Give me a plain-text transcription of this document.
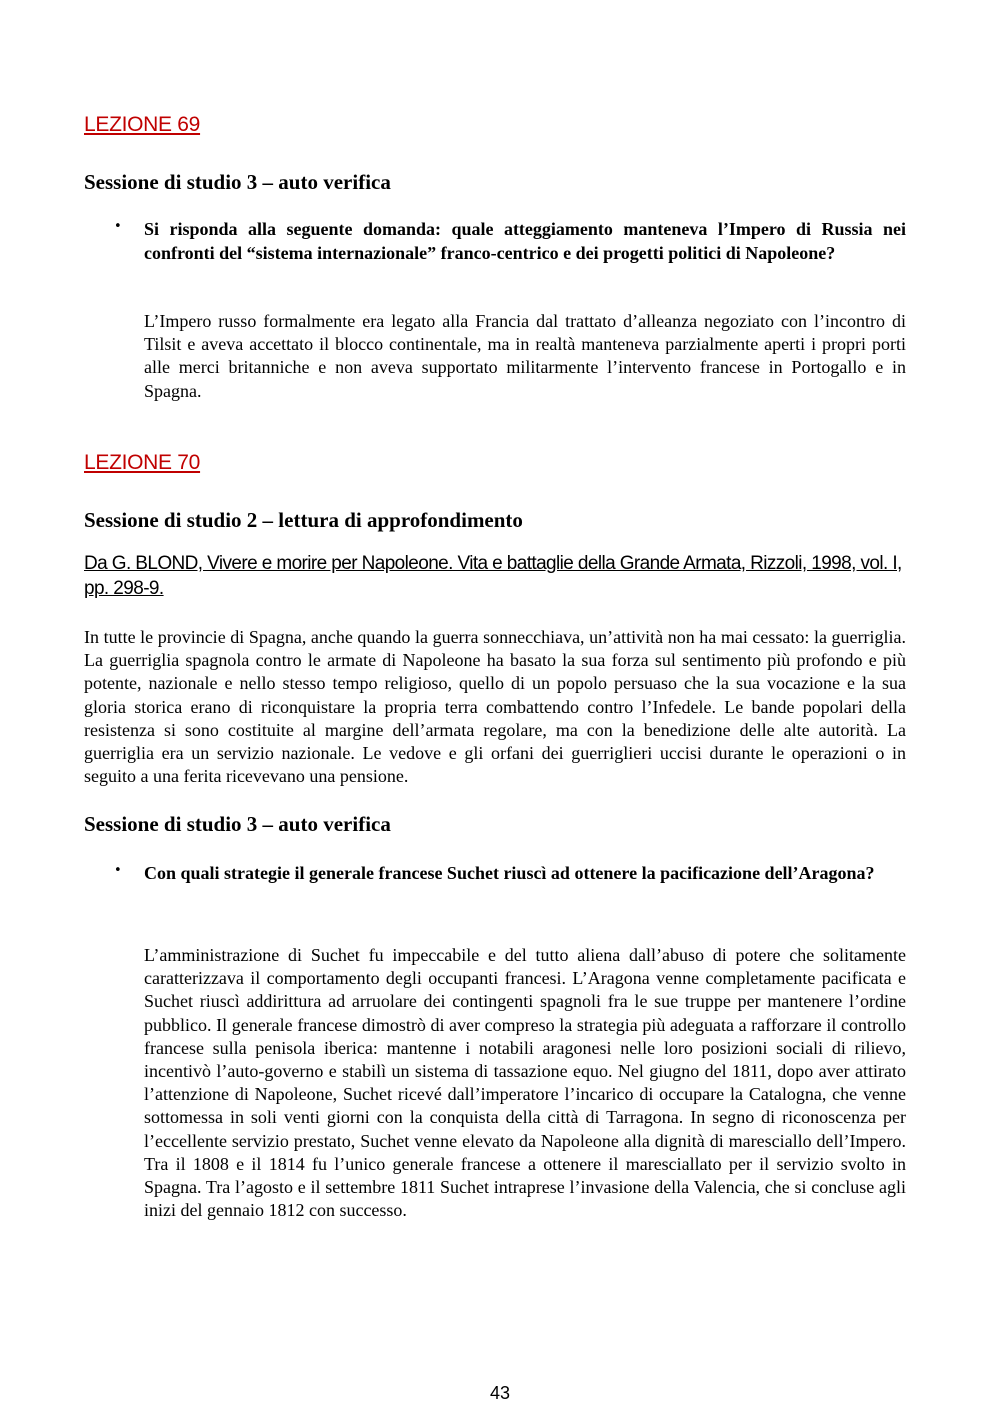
LEZIONE 69
Sessione di studio 3 – auto verifica
• Si risponda alla seguente domanda: quale atteggiamento manteneva l’Impero di Russia nei confronti del “sistema internazionale” franco-centrico e dei progetti politici di Napoleone?
L’Impero russo formalmente era legato alla Francia dal trattato d’alleanza negoziato con l’incontro di Tilsit e aveva accettato il blocco continentale, ma in realtà manteneva parzialmente aperti i propri porti alle merci britanniche e non aveva supportato militarmente l’intervento francese in Portogallo e in Spagna.
LEZIONE 70
Sessione di studio 2 – lettura di approfondimento
Da G. BLOND, Vivere e morire per Napoleone. Vita e battaglie della Grande Armata, Rizzoli, 1998, vol. I, pp. 298-9.
In tutte le provincie di Spagna, anche quando la guerra sonnecchiava, un’attività non ha mai cessato: la guerriglia. La guerriglia spagnola contro le armate di Napoleone ha basato la sua forza sul sentimento più profondo e più potente, nazionale e nello stesso tempo religioso, quello di un popolo persuaso che la sua vocazione e la sua gloria storica erano di riconquistare la propria terra combattendo contro l’Infedele. Le bande popolari della resistenza si sono costituite al margine dell’armata regolare, ma con la benedizione delle alte autorità. La guerriglia era un servizio nazionale. Le vedove e gli orfani dei guerriglieri uccisi durante le operazioni o in seguito a una ferita ricevevano una pensione.
Sessione di studio 3 – auto verifica
• Con quali strategie il generale francese Suchet riuscì ad ottenere la pacificazione dell’Aragona?
L’amministrazione di Suchet fu impeccabile e del tutto aliena dall’abuso di potere che solitamente caratterizzava il comportamento degli occupanti francesi. L’Aragona venne completamente pacificata e Suchet riuscì addirittura ad arruolare dei contingenti spagnoli fra le sue truppe per mantenere l’ordine pubblico. Il generale francese dimostrò di aver compreso la strategia più adeguata a rafforzare il controllo francese sulla penisola iberica: mantenne i notabili aragonesi nelle loro posizioni sociali di rilievo, incentivò l’auto-governo e stabilì un sistema di tassazione equo. Nel giugno del 1811, dopo aver attirato l’attenzione di Napoleone, Suchet ricevé dall’imperatore l’incarico di occupare la Catalogna, che venne sottomessa in soli venti giorni con la conquista della città di Tarragona. In segno di riconoscenza per l’eccellente servizio prestato, Suchet venne elevato da Napoleone alla dignità di maresciallo dell’Impero. Tra il 1808 e il 1814 fu l’unico generale francese a ottenere il maresciallato per il servizio svolto in Spagna. Tra l’agosto e il settembre 1811 Suchet intraprese l’invasione della Valencia, che si concluse agli inizi del gennaio 1812 con successo.
43
